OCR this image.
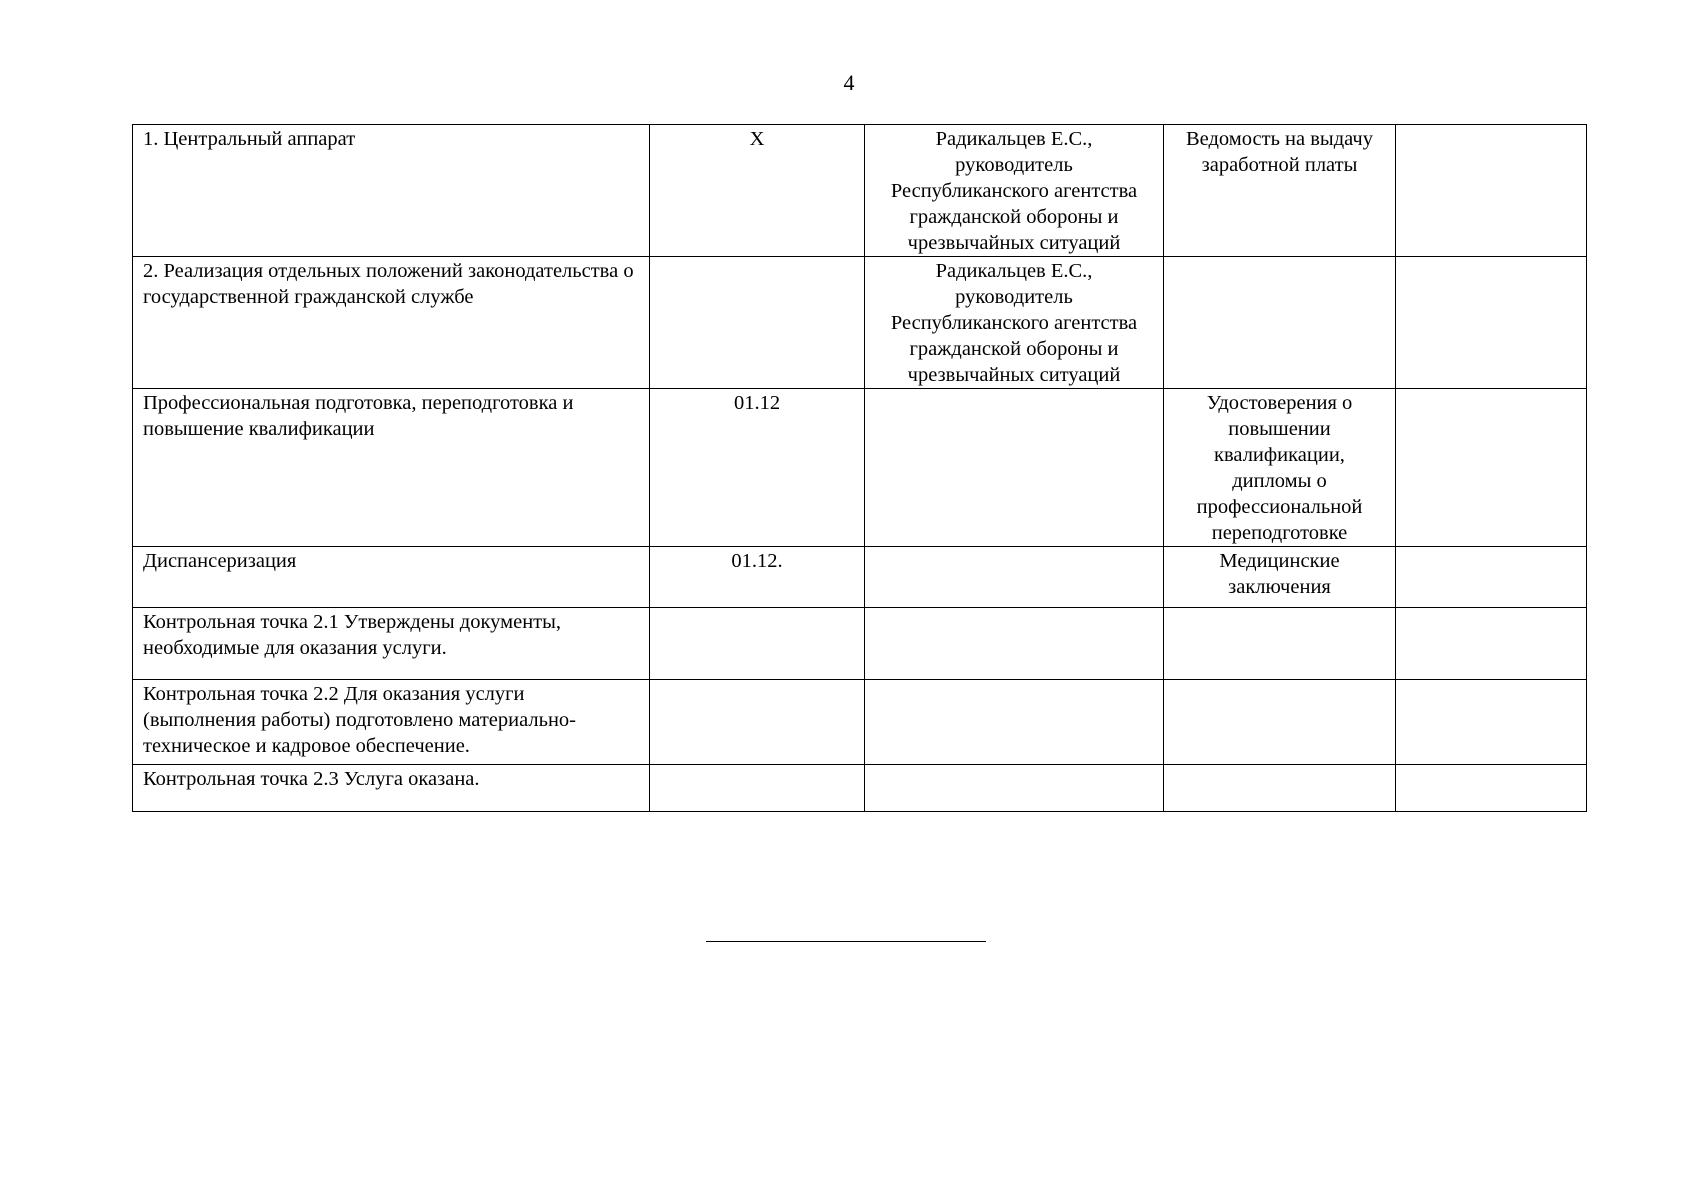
4
1. Центральный аппарат	X	Радикальцев Е.С., руководитель Республиканского агентства гражданской обороны и чрезвычайных ситуаций	Ведомость на выдачу заработной платы	
2. Реализация отдельных положений законодательства о государственной гражданской службе		Радикальцев Е.С., руководитель Республиканского агентства гражданской обороны и чрезвычайных ситуаций		
Профессиональная подготовка, переподготовка и повышение квалификации	01.12		Удостоверения о повышении квалификации, дипломы о профессиональной переподготовке	
Диспансеризация	01.12.		Медицинские заключения	
Контрольная точка 2.1 Утверждены документы, необходимые для оказания услуги.				
Контрольная точка 2.2 Для оказания услуги (выполнения работы) подготовлено материально-техническое и кадровое обеспечение.				
Контрольная точка 2.3 Услуга оказана.				
